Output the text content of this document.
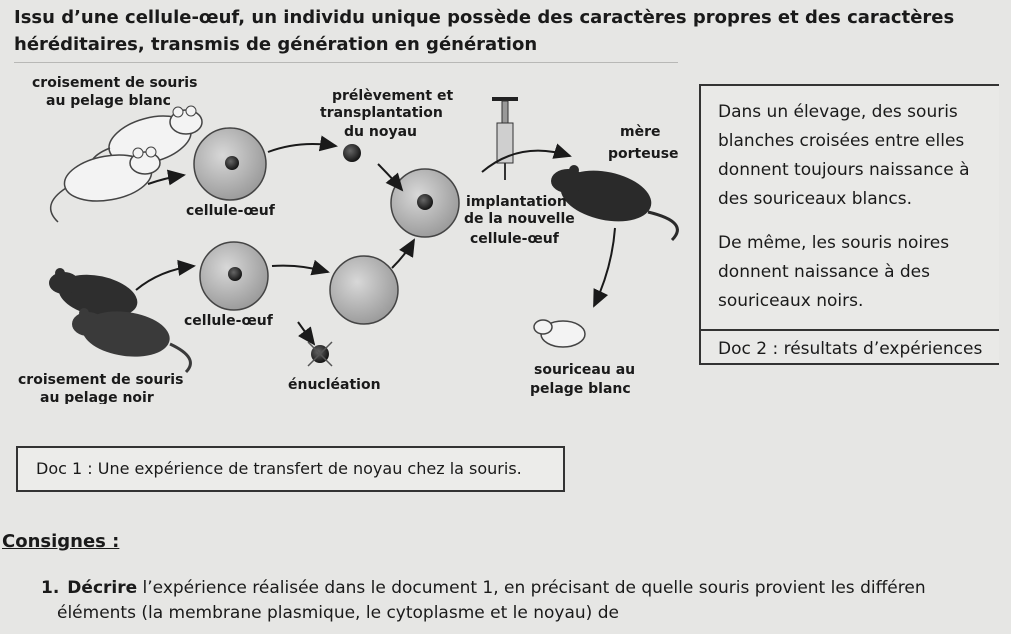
Issu d’une cellule-œuf, un individu unique possède des caractères propres et des caractères héréditaires, transmis de génération en génération

croisement de souris
au pelage blanc
cellule-œuf
prélèvement et
transplantation
du noyau	mère
porteuse
implantation
de la nouvelle
cellule-œuf
cellule-œuf
croisement de souris
au pelage noir
énucléation
souriceau au
pelage blanc

Dans un élevage, des souris

blanches croisées entre elles

donnent toujours naissance à

des souriceaux blancs.

De même, les souris noires

donnent naissance à des

souriceaux noirs.

Doc 2 : résultats d’expériences

Doc 1 : Une expérience de transfert de noyau chez la souris.

Consignes :

1. Décrire l’expérience réalisée dans le document 1, en précisant de quelle souris provient les différen
éléments (la membrane plasmique, le cytoplasme et le noyau) de
